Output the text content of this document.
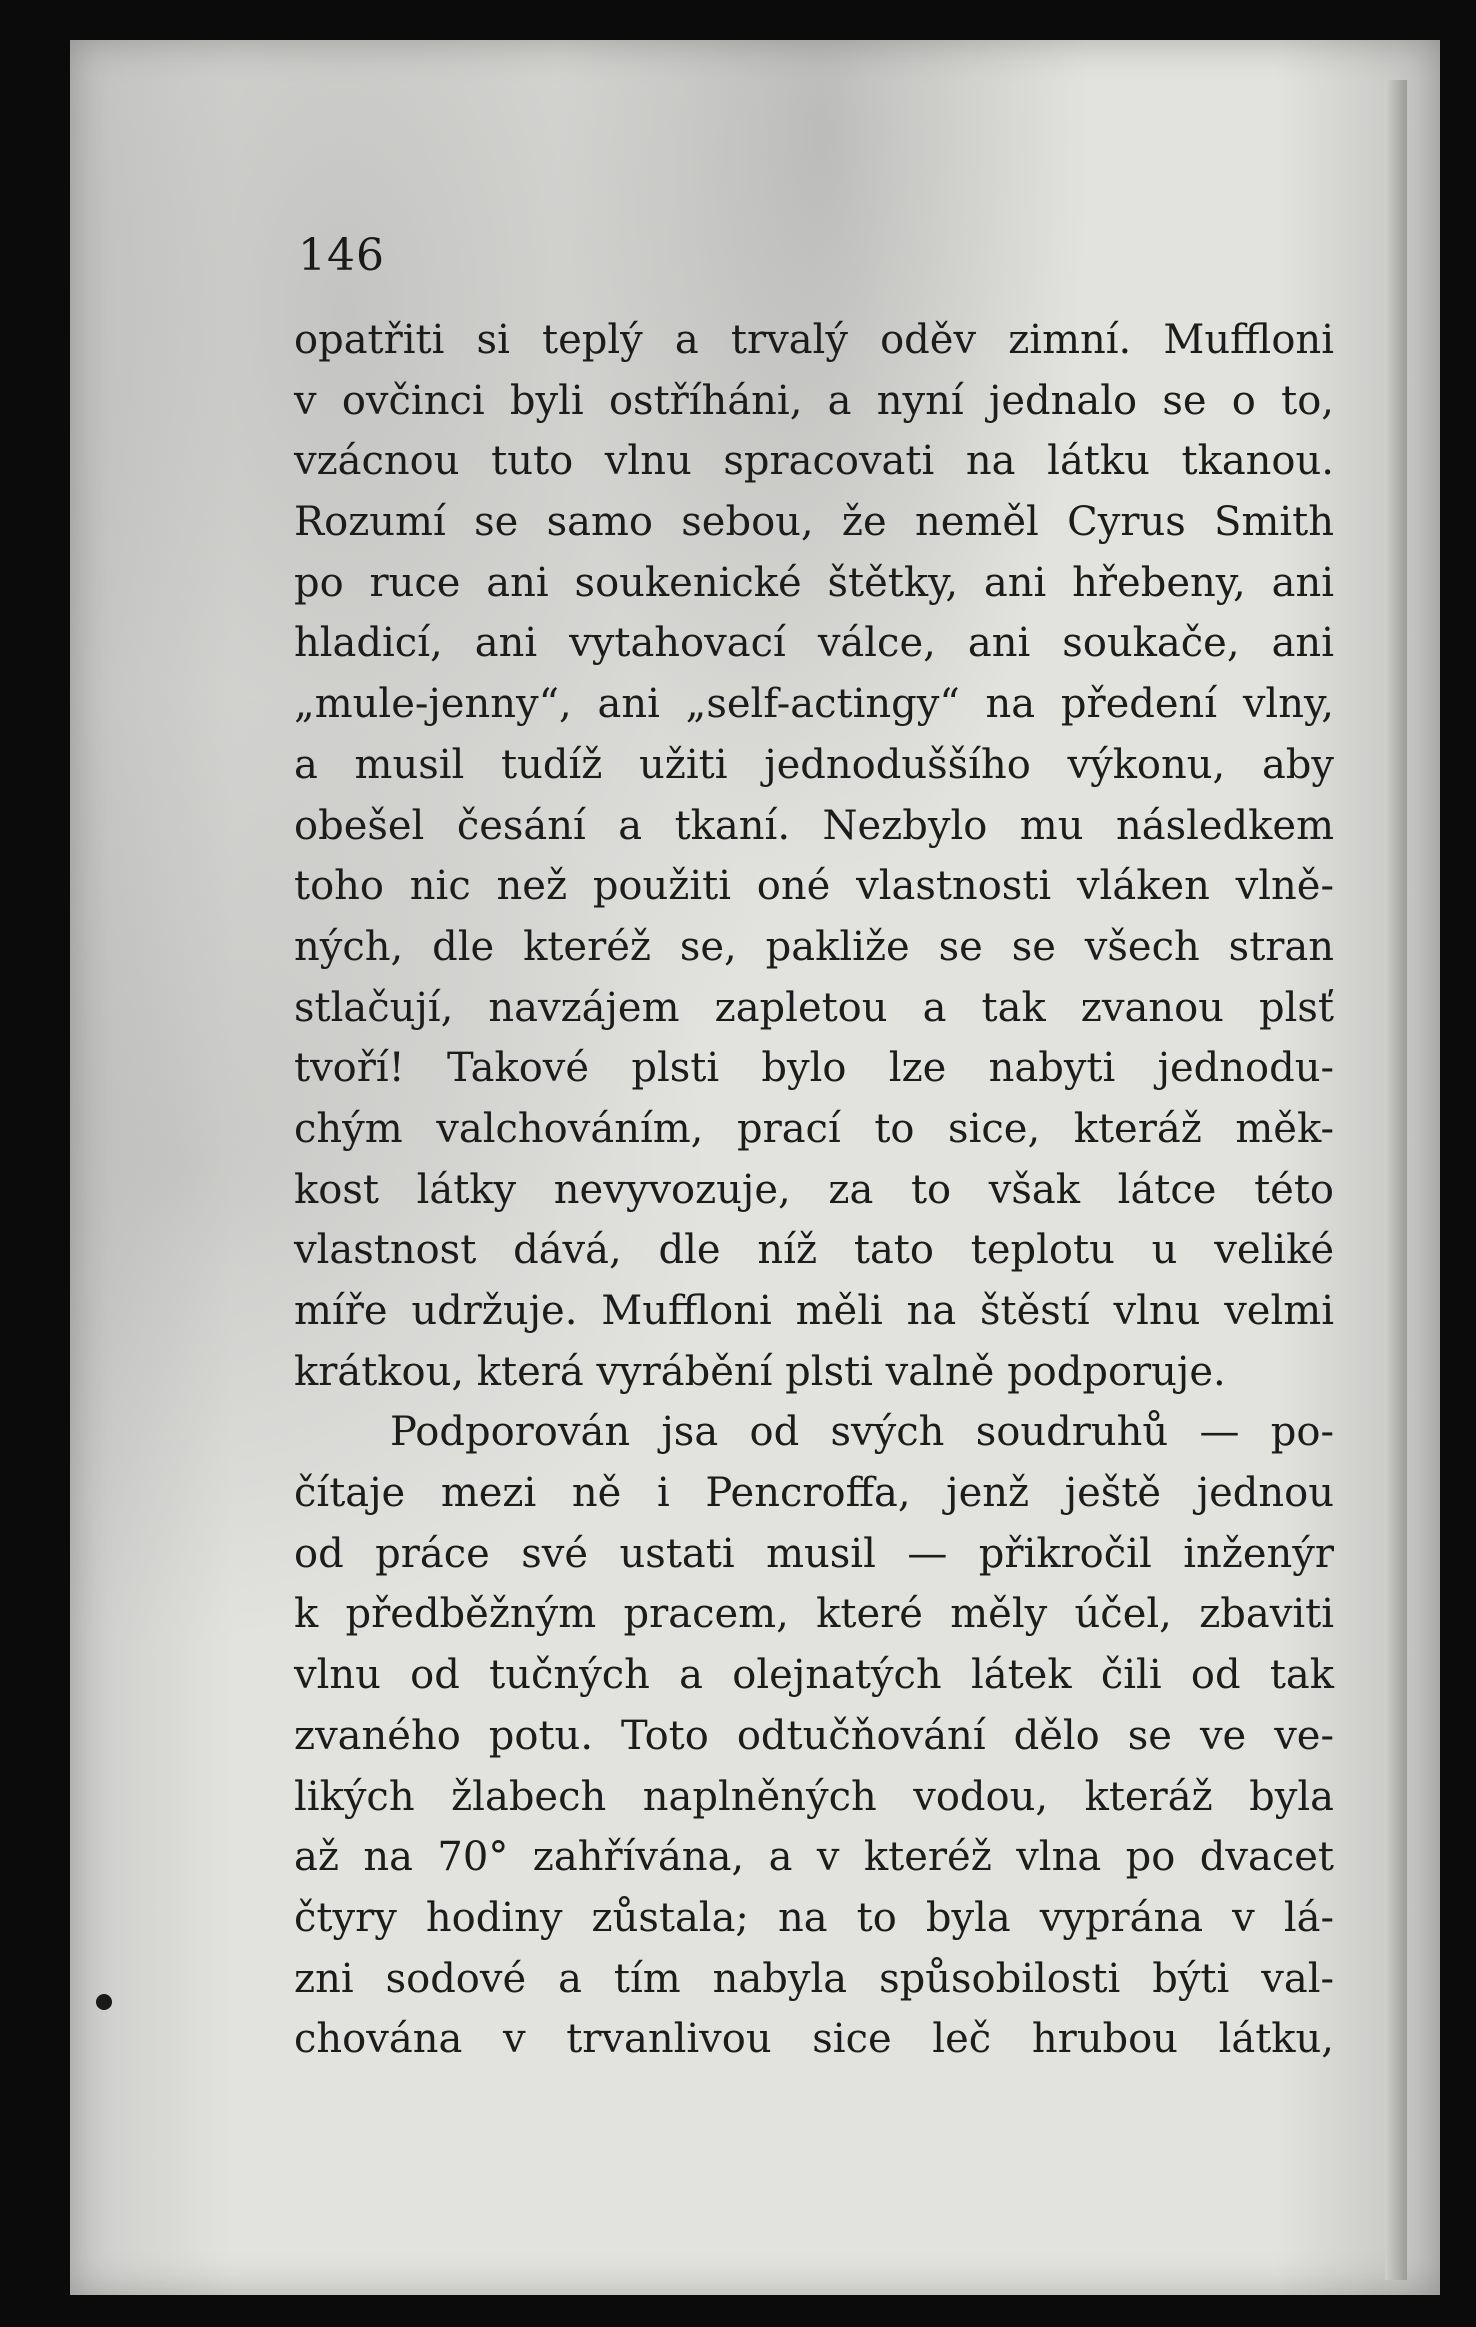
146
opatřiti si teplý a trvalý oděv zimní. Muffloni
v ovčinci byli ostříháni, a nyní jednalo se o to,
vzácnou tuto vlnu spracovati na látku tkanou.
Rozumí se samo sebou, že neměl Cyrus Smith
po ruce ani soukenické štětky, ani hřebeny, ani
hladicí, ani vytahovací válce, ani soukače, ani
„mule-jenny“, ani „self-actingy“ na předení vlny,
a musil tudíž užiti jednoduššího výkonu, aby
obešel česání a tkaní. Nezbylo mu následkem
toho nic než použiti oné vlastnosti vláken vlně-
ných, dle kteréž se, pakliže se se všech stran
stlačují, navzájem zapletou a tak zvanou plsť
tvoří! Takové plsti bylo lze nabyti jednodu-
chým valchováním, prací to sice, kteráž měk-
kost látky nevyvozuje, za to však látce této
vlastnost dává, dle níž tato teplotu u veliké
míře udržuje. Muffloni měli na štěstí vlnu velmi
krátkou, která vyrábění plsti valně podporuje.
Podporován jsa od svých soudruhů — po-
čítaje mezi ně i Pencroffa, jenž ještě jednou
od práce své ustati musil — přikročil inženýr
k předběžným pracem, které měly účel, zbaviti
vlnu od tučných a olejnatých látek čili od tak
zvaného potu. Toto odtučňování dělo se ve ve-
likých žlabech naplněných vodou, kteráž byla
až na 70° zahřívána, a v kteréž vlna po dvacet
čtyry hodiny zůstala; na to byla vyprána v lá-
zni sodové a tím nabyla spůsobilosti býti val-
chována v trvanlivou sice leč hrubou látku,
